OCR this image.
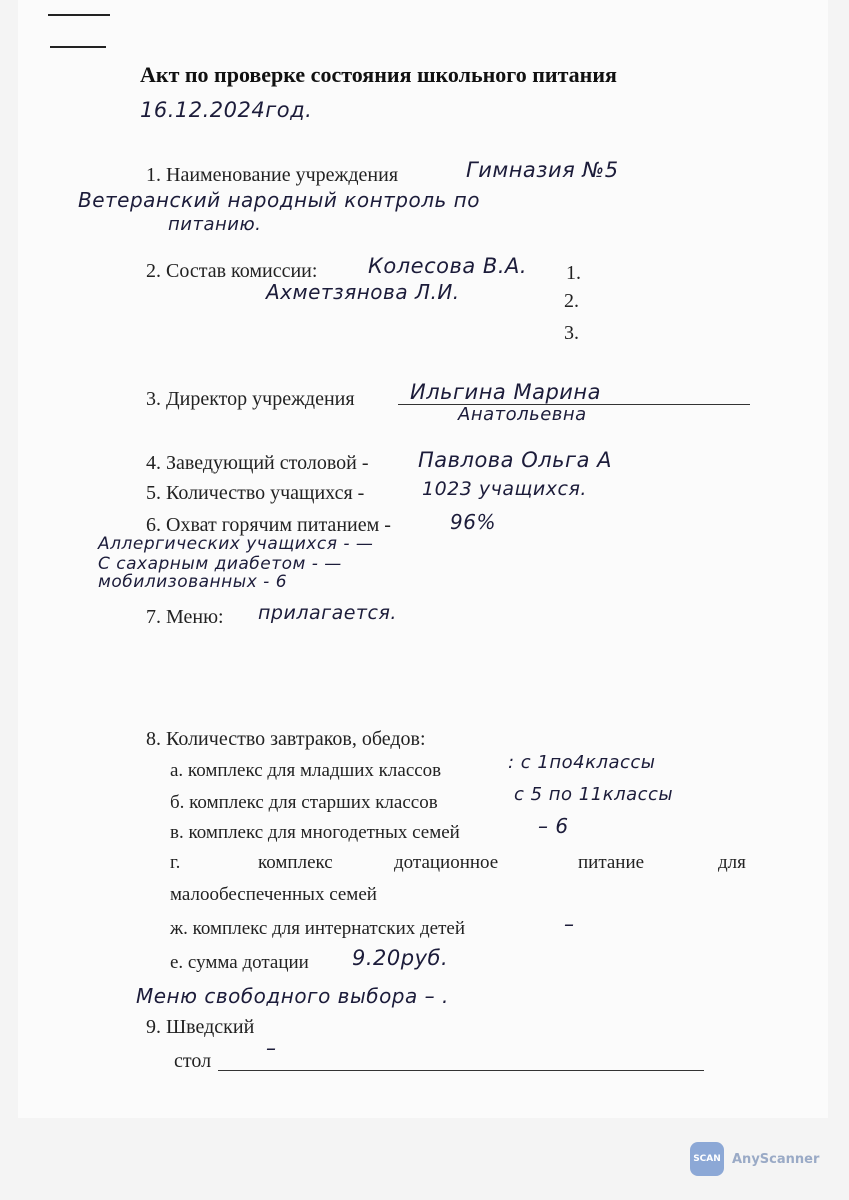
Акт по проверке состояния школьного питания
16.12.2024год.
1. Наименование учреждения	Гимназия №5
Ветеранский народный контроль по
питанию.
2. Состав комиссии: Колесова В.А. 1.
Ахметзянова Л.И.	2.
3.
3. Директор учреждения	Ильгина Марина
Анатольевна
4. Заведующий столовой - Павлова Ольга А
5. Количество учащихся -	1023 учащихся.
6. Охват горячим питанием -	96%
Аллергических учащихся - —
С сахарным диабетом - —
мобилизованных - 6
7. Меню: прилагается.
8. Количество завтраков, обедов:
а. комплекс для младших классов	: с 1по4классы
б. комплекс для старших классов	с 5 по 11классы
в. комплекс для многодетных семей	– 6
г.	комплекс	дотационное	питание	для
малообеспеченных семей
ж. комплекс для интернатских детей	–
е. сумма дотации 9.20руб.
Меню свободного выбора – .
9. Шведский
стол
–
SCAN AnyScanner
